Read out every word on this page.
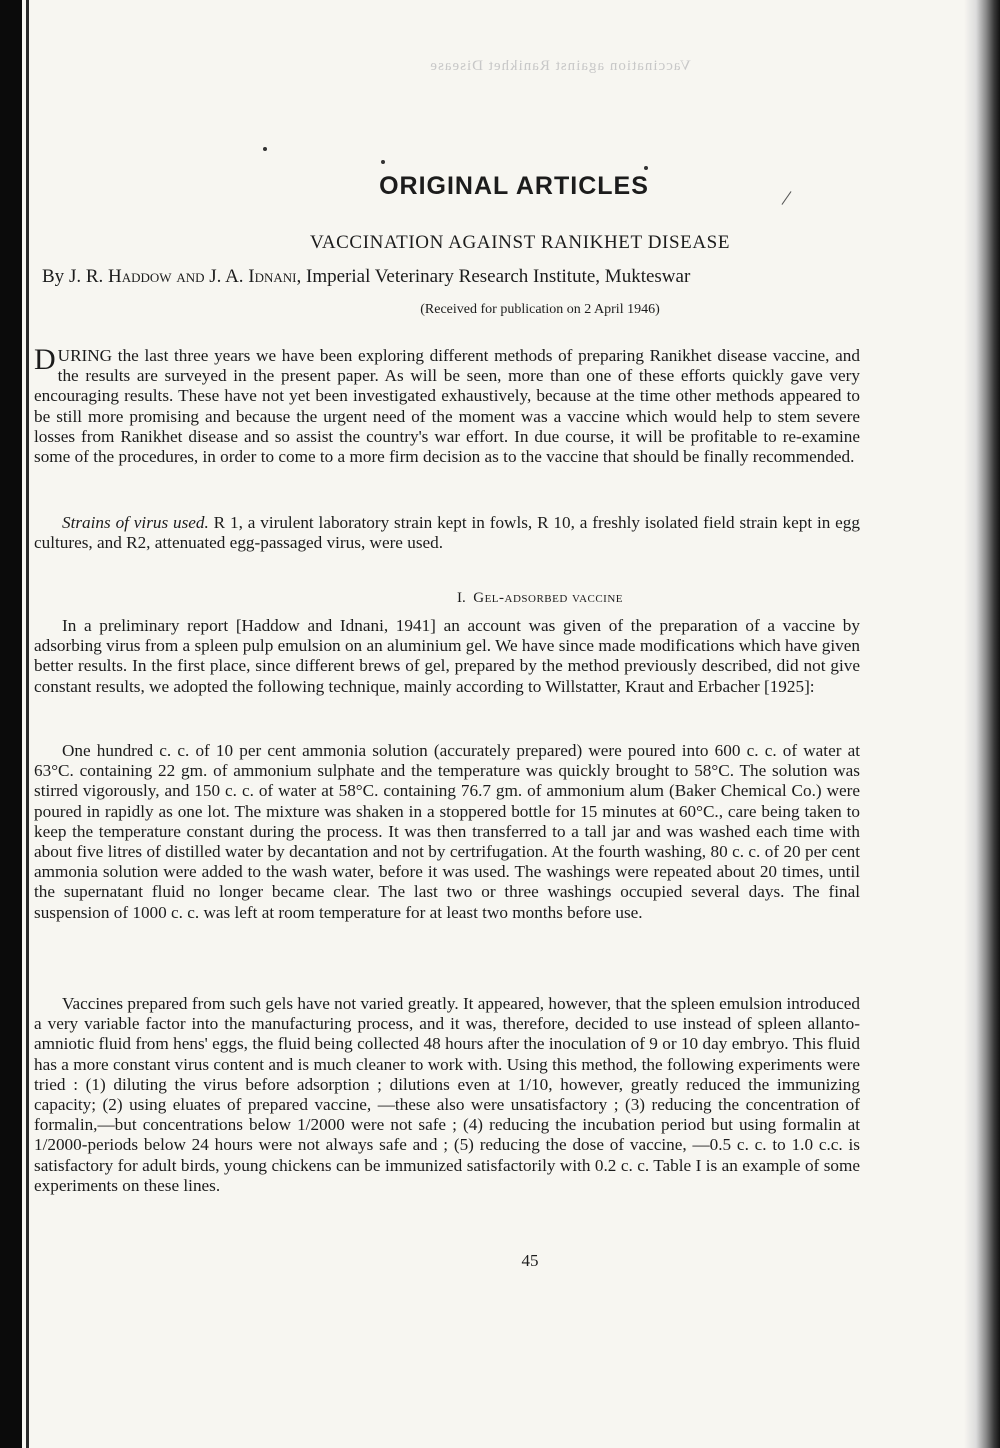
Vaccination against Ranikhet Disease
ORIGINAL ARTICLES
VACCINATION AGAINST RANIKHET DISEASE
By J. R. Haddow and J. A. Idnani, Imperial Veterinary Research Institute, Mukteswar
(Received for publication on 2 April 1946)

DURING the last three years we have been exploring different methods of preparing Ranikhet disease vaccine, and the results are surveyed in the present paper. As will be seen, more than one of these efforts quickly gave very encouraging results. These have not yet been investigated exhaustively, because at the time other methods appeared to be still more promising and because the urgent need of the moment was a vaccine which would help to stem severe losses from Ranikhet disease and so assist the country's war effort. In due course, it will be profitable to re-examine some of the procedures, in order to come to a more firm decision as to the vaccine that should be finally recommended.

Strains of virus used. R 1, a virulent laboratory strain kept in fowls, R 10, a freshly isolated field strain kept in egg cultures, and R2, attenuated egg-passaged virus, were used.

I. Gel-adsorbed vaccine

In a preliminary report [Haddow and Idnani, 1941] an account was given of the preparation of a vaccine by adsorbing virus from a spleen pulp emulsion on an aluminium gel. We have since made modifications which have given better results. In the first place, since different brews of gel, prepared by the method previously described, did not give constant results, we adopted the following technique, mainly according to Willstatter, Kraut and Erbacher [1925]:

One hundred c. c. of 10 per cent ammonia solution (accurately prepared) were poured into 600 c. c. of water at 63°C. containing 22 gm. of ammonium sulphate and the temperature was quickly brought to 58°C. The solution was stirred vigorously, and 150 c. c. of water at 58°C. containing 76.7 gm. of ammonium alum (Baker Chemical Co.) were poured in rapidly as one lot. The mixture was shaken in a stoppered bottle for 15 minutes at 60°C., care being taken to keep the temperature constant during the process. It was then transferred to a tall jar and was washed each time with about five litres of distilled water by decantation and not by certrifugation. At the fourth washing, 80 c. c. of 20 per cent ammonia solution were added to the wash water, before it was used. The washings were repeated about 20 times, until the supernatant fluid no longer became clear. The last two or three washings occupied several days. The final suspension of 1000 c. c. was left at room temperature for at least two months before use.

Vaccines prepared from such gels have not varied greatly. It appeared, however, that the spleen emulsion introduced a very variable factor into the manufacturing process, and it was, therefore, decided to use instead of spleen allanto-amniotic fluid from hens' eggs, the fluid being collected 48 hours after the inoculation of 9 or 10 day embryo. This fluid has a more constant virus content and is much cleaner to work with. Using this method, the following experiments were tried : (1) diluting the virus before adsorption ; dilutions even at 1/10, however, greatly reduced the immunizing capacity; (2) using eluates of prepared vaccine, —these also were unsatisfactory ; (3) reducing the concentration of formalin,—but concentrations below 1/2000 were not safe ; (4) reducing the incubation period but using formalin at 1/2000-periods below 24 hours were not always safe and ; (5) reducing the dose of vaccine, —0.5 c. c. to 1.0 c.c. is satisfactory for adult birds, young chickens can be immunized satisfactorily with 0.2 c. c. Table I is an example of some experiments on these lines.

45
